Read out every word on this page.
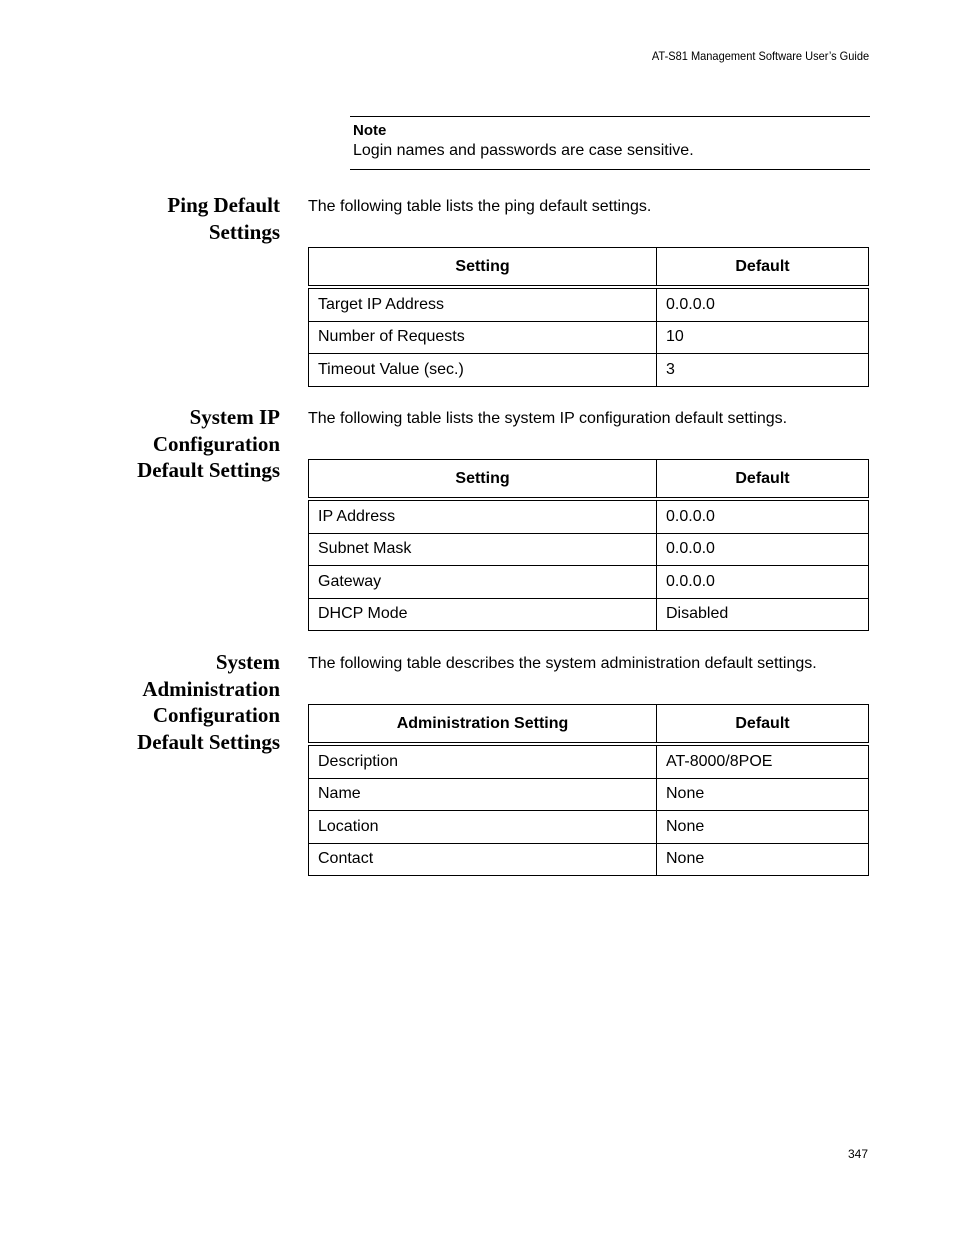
AT-S81 Management Software User’s Guide
Note
Login names and passwords are case sensitive.
Ping Default
Settings
The following table lists the ping default settings.
Setting	Default
Target IP Address	0.0.0.0
Number of Requests	10
Timeout Value (sec.)	3
System IP
Configuration
Default Settings
The following table lists the system IP configuration default settings.
Setting	Default
IP Address	0.0.0.0
Subnet Mask	0.0.0.0
Gateway	0.0.0.0
DHCP Mode	Disabled
System
Administration
Configuration
Default Settings
The following table describes the system administration default settings.
Administration Setting	Default
Description	AT-8000/8POE
Name	None
Location	None
Contact	None
347
